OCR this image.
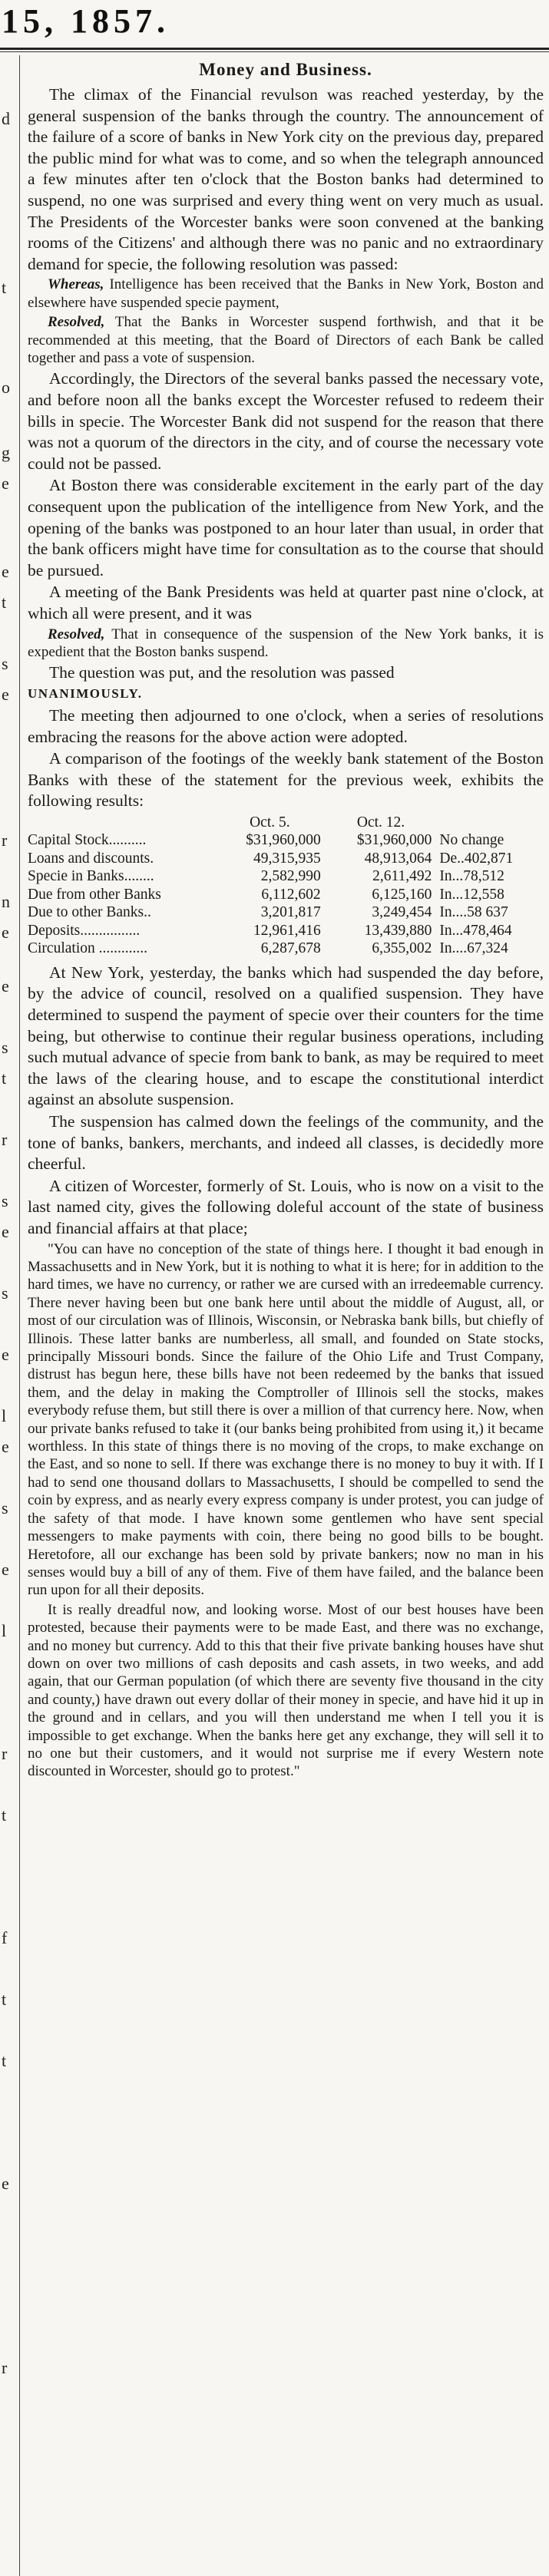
15, 1857.
d
t
o
g
e
e
t
s
e
r
n
e
e
s
t
r
s
e
s
e
l
e
s
e
l
r
t
f
t
t
e
r
Money and Business.

The climax of the Financial revulson was reached yesterday, by the general suspension of the banks through the country. The announcement of the failure of a score of banks in New York city on the previous day, prepared the public mind for what was to come, and so when the telegraph announced a few minutes after ten o'clock that the Boston banks had determined to suspend, no one was surprised and every thing went on very much as usual. The Presidents of the Worcester banks were soon convened at the banking rooms of the Citizens' and although there was no panic and no extraordinary demand for specie, the following resolution was passed:

Whereas, Intelligence has been received that the Banks in New York, Boston and elsewhere have suspended specie payment,

Resolved, That the Banks in Worcester suspend forthwish, and that it be recommended at this meeting, that the Board of Directors of each Bank be called together and pass a vote of suspension.

Accordingly, the Directors of the several banks passed the necessary vote, and before noon all the banks except the Worcester refused to redeem their bills in specie. The Worcester Bank did not suspend for the reason that there was not a quorum of the directors in the city, and of course the necessary vote could not be passed.

At Boston there was considerable excitement in the early part of the day consequent upon the publication of the intelligence from New York, and the opening of the banks was postponed to an hour later than usual, in order that the bank officers might have time for consultation as to the course that should be pursued.

A meeting of the Bank Presidents was held at quarter past nine o'clock, at which all were present, and it was

Resolved, That in consequence of the suspension of the New York banks, it is expedient that the Boston banks suspend.

The question was put, and the resolution was passed

UNANIMOUSLY.

The meeting then adjourned to one o'clock, when a series of resolutions embracing the reasons for the above action were adopted.

A comparison of the footings of the weekly bank statement of the Boston Banks with these of the statement for the previous week, exhibits the following results:

	Oct. 5.	Oct. 12.	
Capital Stock..........	$31,960,000	$31,960,000	No change
Loans and discounts.	49,315,935	48,913,064	De..402,871
Specie in Banks........	2,582,990	2,611,492	In...78,512
Due from other Banks	6,112,602	6,125,160	In...12,558
Due to other Banks..	3,201,817	3,249,454	In....58 637
Deposits................	12,961,416	13,439,880	In...478,464
Circulation .............	6,287,678	6,355,002	In....67,324

At New York, yesterday, the banks which had suspended the day before, by the advice of council, resolved on a qualified suspension. They have determined to suspend the payment of specie over their counters for the time being, but otherwise to continue their regular business operations, including such mutual advance of specie from bank to bank, as may be required to meet the laws of the clearing house, and to escape the constitutional interdict against an absolute suspension.

The suspension has calmed down the feelings of the community, and the tone of banks, bankers, merchants, and indeed all classes, is decidedly more cheerful.

A citizen of Worcester, formerly of St. Louis, who is now on a visit to the last named city, gives the following doleful account of the state of business and financial affairs at that place;

"You can have no conception of the state of things here. I thought it bad enough in Massachusetts and in New York, but it is nothing to what it is here; for in addition to the hard times, we have no currency, or rather we are cursed with an irredeemable currency. There never having been but one bank here until about the middle of August, all, or most of our circulation was of Illinois, Wisconsin, or Nebraska bank bills, but chiefly of Illinois. These latter banks are numberless, all small, and founded on State stocks, principally Missouri bonds. Since the failure of the Ohio Life and Trust Company, distrust has begun here, these bills have not been redeemed by the banks that issued them, and the delay in making the Comptroller of Illinois sell the stocks, makes everybody refuse them, but still there is over a million of that currency here. Now, when our private banks refused to take it (our banks being prohibited from using it,) it became worthless. In this state of things there is no moving of the crops, to make exchange on the East, and so none to sell. If there was exchange there is no money to buy it with. If I had to send one thousand dollars to Massachusetts, I should be compelled to send the coin by express, and as nearly every express company is under protest, you can judge of the safety of that mode. I have known some gentlemen who have sent special messengers to make payments with coin, there being no good bills to be bought. Heretofore, all our exchange has been sold by private bankers; now no man in his senses would buy a bill of any of them. Five of them have failed, and the balance been run upon for all their deposits.

It is really dreadful now, and looking worse. Most of our best houses have been protested, because their payments were to be made East, and there was no exchange, and no money but currency. Add to this that their five private banking houses have shut down on over two millions of cash deposits and cash assets, in two weeks, and add again, that our German population (of which there are seventy five thousand in the city and county,) have drawn out every dollar of their money in specie, and have hid it up in the ground and in cellars, and you will then understand me when I tell you it is impossible to get exchange. When the banks here get any exchange, they will sell it to no one but their customers, and it would not surprise me if every Western note discounted in Worcester, should go to protest."
